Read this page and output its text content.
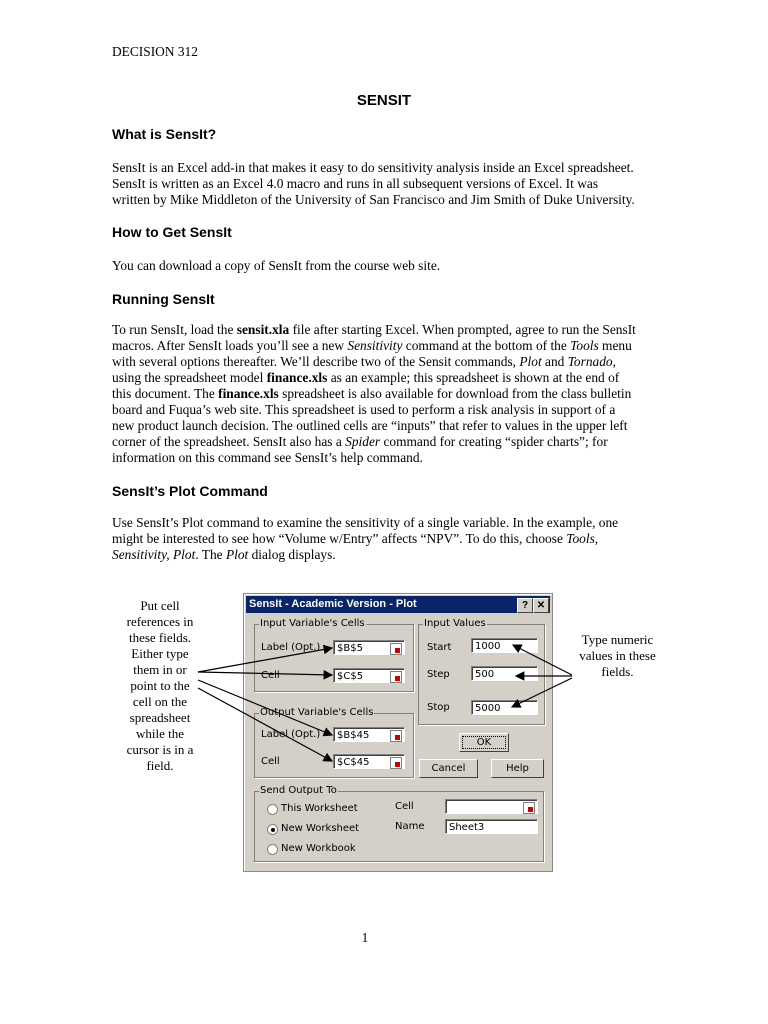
DECISION 312
SENSIT
What is SensIt?
SensIt is an Excel add-in that makes it easy to do sensitivity analysis inside an Excel spreadsheet.
SensIt is written as an Excel 4.0 macro and runs in all subsequent versions of Excel. It was
written by Mike Middleton of the University of San Francisco and Jim Smith of Duke University.
How to Get SensIt
You can download a copy of SensIt from the course web site.
Running SensIt
To run SensIt, load the sensit.xla file after starting Excel. When prompted, agree to run the SensIt
macros. After SensIt loads you’ll see a new Sensitivity command at the bottom of the Tools menu
with several options thereafter. We’ll describe two of the Sensit commands, Plot and Tornado,
using the spreadsheet model finance.xls as an example; this spreadsheet is shown at the end of
this document. The finance.xls spreadsheet is also available for download from the class bulletin
board and Fuqua’s web site. This spreadsheet is used to perform a risk analysis in support of a
new product launch decision. The outlined cells are “inputs” that refer to values in the upper left
corner of the spreadsheet. SensIt also has a Spider command for creating “spider charts”; for
information on this command see SensIt’s help command.
SensIt’s Plot Command
Use SensIt’s Plot command to examine the sensitivity of a single variable. In the example, one
might be interested to see how “Volume w/Entry” affects “NPV”. To do this, choose Tools,
Sensitivity, Plot. The Plot dialog displays.
Put cell
references in
these fields.
Either type
them in or
point to the
cell on the
spreadsheet
while the
cursor is in a
field.
Type numeric
values in these
fields.
SensIt - Academic Version - Plot	? ✕
Input Variable's Cells
Label (Opt.)	$B$5
Cell	$C$5
Output Variable's Cells
Label (Opt.)	$B$45
Cell	$C$45
Input Values
Start	1000
Step	500
Stop	5000
OK
Cancel	Help
Send Output To
This Worksheet
New Worksheet
New Workbook
Cell
Name	Sheet3
1
